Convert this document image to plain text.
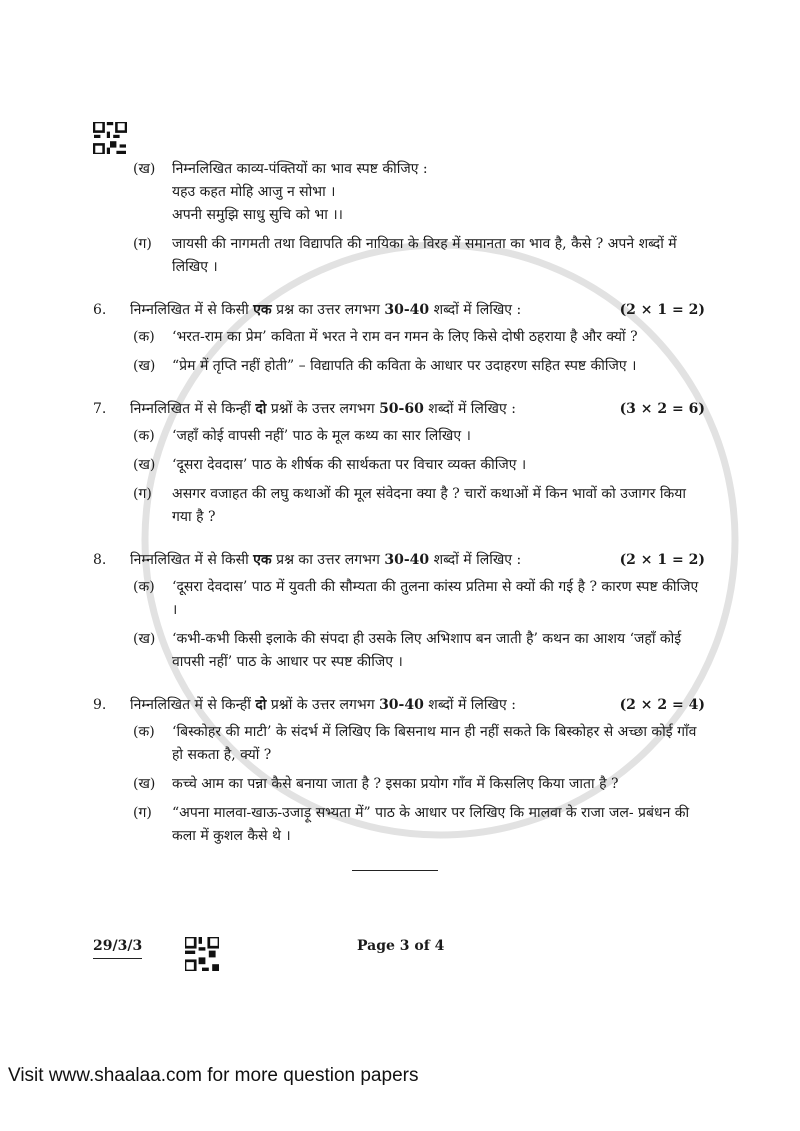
(ख)	निम्नलिखित काव्य-पंक्तियों का भाव स्पष्ट कीजिए :
यहउ कहत मोहि आजु न सोभा ।
अपनी समुझि साधु सुचि को भा ।।
(ग)	जायसी की नागमती तथा विद्यापति की नायिका के विरह में समानता का भाव है, कैसे ? अपने शब्दों में लिखिए ।
6.	निम्नलिखित में से किसी एक प्रश्न का उत्तर लगभग 30-40 शब्दों में लिखिए :	(2 × 1 = 2)
(क)	‘भरत-राम का प्रेम’ कविता में भरत ने राम वन गमन के लिए किसे दोषी ठहराया है और क्यों ?
(ख)	“प्रेम में तृप्ति नहीं होती” – विद्यापति की कविता के आधार पर उदाहरण सहित स्पष्ट कीजिए ।
7.	निम्नलिखित में से किन्हीं दो प्रश्नों के उत्तर लगभग 50-60 शब्दों में लिखिए :	(3 × 2 = 6)
(क)	‘जहाँ कोई वापसी नहीं’ पाठ के मूल कथ्य का सार लिखिए ।
(ख)	‘दूसरा देवदास’ पाठ के शीर्षक की सार्थकता पर विचार व्यक्त कीजिए ।
(ग)	असगर वजाहत की लघु कथाओं की मूल संवेदना क्या है ? चारों कथाओं में किन भावों को उजागर किया गया है ?
8.	निम्नलिखित में से किसी एक प्रश्न का उत्तर लगभग 30-40 शब्दों में लिखिए :	(2 × 1 = 2)
(क)	‘दूसरा देवदास’ पाठ में युवती की सौम्यता की तुलना कांस्य प्रतिमा से क्यों की गई है ? कारण स्पष्ट कीजिए ।
(ख)	‘कभी-कभी किसी इलाके की संपदा ही उसके लिए अभिशाप बन जाती है’ कथन का आशय ‘जहाँ कोई वापसी नहीं’ पाठ के आधार पर स्पष्ट कीजिए ।
9.	निम्नलिखित में से किन्हीं दो प्रश्नों के उत्तर लगभग 30-40 शब्दों में लिखिए :	(2 × 2 = 4)
(क)	‘बिस्कोहर की माटी’ के संदर्भ में लिखिए कि बिसनाथ मान ही नहीं सकते कि बिस्कोहर से अच्छा कोई गाँव हो सकता है, क्यों ?
(ख)	कच्चे आम का पन्ना कैसे बनाया जाता है ? इसका प्रयोग गाँव में किसलिए किया जाता है ?
(ग)	“अपना मालवा-खाऊ-उजाड़ू सभ्यता में” पाठ के आधार पर लिखिए कि मालवा के राजा जल- प्रबंधन की कला में कुशल कैसे थे ।
29/3/3	Page 3 of 4
Visit www.shaalaa.com for more question papers
